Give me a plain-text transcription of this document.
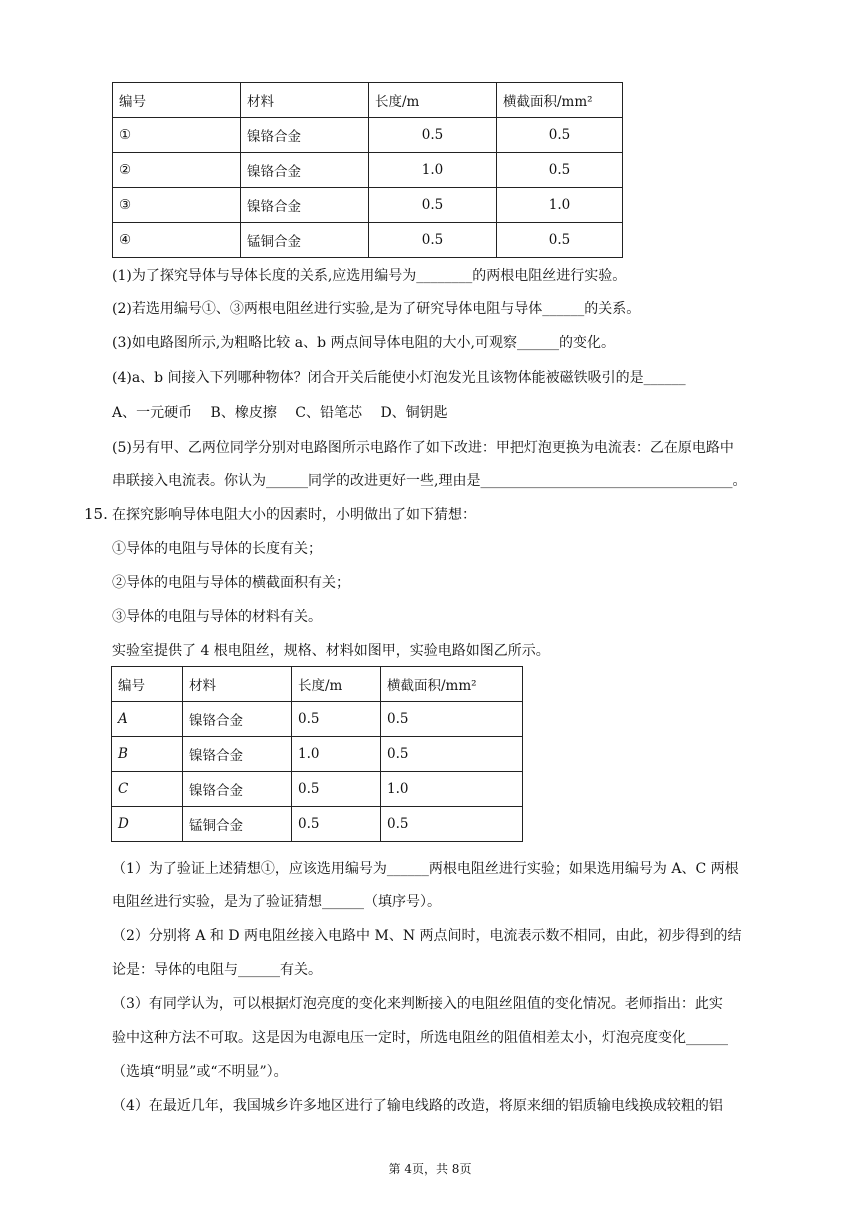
编号	材料	长度/m	横截面积/mm²
①	镍铬合金	0.5	0.5
②	镍铬合金	1.0	0.5
③	镍铬合金	0.5	1.0
④	锰铜合金	0.5	0.5
(1)为了探究导体与导体长度的关系,应选用编号为________的两根电阻丝进行实验。
(2)若选用编号①、③两根电阻丝进行实验,是为了研究导体电阻与导体______的关系。
(3)如电路图所示,为粗略比较 a、b 两点间导体电阻的大小,可观察______的变化。
(4)a、b 间接入下列哪种物体？闭合开关后能使小灯泡发光且该物体能被磁铁吸引的是______
A、一元硬币　 B、橡皮擦　 C、铅笔芯　 D、铜钥匙
(5)另有甲、乙两位同学分别对电路图所示电路作了如下改进：甲把灯泡更换为电流表：乙在原电路中
串联接入电流表。你认为______同学的改进更好一些,理由是____________________________________。
15. 在探究影响导体电阻大小的因素时，小明做出了如下猜想：
①导体的电阻与导体的长度有关；
②导体的电阻与导体的横截面积有关；
③导体的电阻与导体的材料有关。
实验室提供了 4 根电阻丝，规格、材料如图甲，实验电路如图乙所示。
编号	材料	长度/m	横截面积/mm²
A	镍铬合金	0.5	0.5
B	镍铬合金	1.0	0.5
C	镍铬合金	0.5	1.0
D	锰铜合金	0.5	0.5
（1）为了验证上述猜想①，应该选用编号为______两根电阻丝进行实验；如果选用编号为 A、C 两根
电阻丝进行实验，是为了验证猜想______（填序号）。
（2）分别将 A 和 D 两电阻丝接入电路中 M、N 两点间时，电流表示数不相同，由此，初步得到的结
论是：导体的电阻与______有关。
（3）有同学认为，可以根据灯泡亮度的变化来判断接入的电阻丝阻值的变化情况。老师指出：此实
验中这种方法不可取。这是因为电源电压一定时，所选电阻丝的阻值相差太小，灯泡亮度变化______
（选填“明显”或“不明显”）。
（4）在最近几年，我国城乡许多地区进行了输电线路的改造，将原来细的铝质输电线换成较粗的铝
第 4页，共 8页
